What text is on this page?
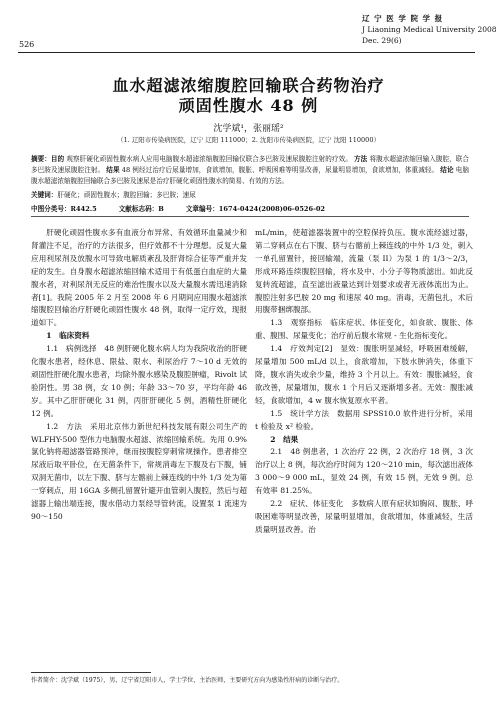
526
辽 宁 医 学 院 学 报
J Liaoning Medical University 2008 Dec. 29(6)
血水超滤浓缩腹腔回输联合药物治疗
顽固性腹水 48 例
沈学斌¹，张丽瑶²
（1. 辽阳市传染病医院，辽宁 辽阳 111000；2. 沈阳市传染病医院，辽宁 沈阳 110000）
摘要：目的 观察肝硬化顽固性腹水病人应用电脑腹水超滤浓缩腹腔回输仪联合多巴胺及速尿腹腔注射的疗效。 方法 将腹水超滤浓缩回输入腹腔，联合多巴胺及速尿腹腔注射。 结果 48 例经过治疗后尿量增加，食欲增加，腹胀、呼吸困难等明显改善，尿量明显增加，食欲增加，体重减轻。 结论 电脑腹水超滤浓缩腹腔回输联合多巴胺及速尿是治疗肝硬化顽固性腹水的简易、有效的方法。
关键词：肝硬化；顽固性腹水；腹腔回输；多巴胺；速尿
中图分类号：R442.5	文献标志码：B	文章编号：1674-0424(2008)06-0526-02

肝硬化顽固性腹水多有血液分布异常、有效循环血量减少和肾灌注不足，治疗的方法很多，但疗效都不十分理想。反复大量应用利尿剂及放腹水可导致电解质紊乱及肝肾综合征等严重并发症的发生。自身腹水超滤浓缩回输术适用于有低蛋白血症的大量腹水者，对利尿剂无反应的难治性腹水以及大量腹水需迅速消除者[1]。我院 2005 年 2 月至 2008 年 6 月期间应用腹水超滤浓缩腹腔回输治疗肝硬化顽固性腹水 48 例，取得一定疗效，现报道如下。

1　临床资料

1.1　病例选择　48 例肝硬化腹水病人均为我院收治的肝硬化腹水患者，经休息、限盐、限水、利尿治疗 7～10 d 无效的顽固性肝硬化腹水患者，均除外腹水感染及腹腔肿瘤，Rivolt 试验阴性。男 38 例，女 10 例；年龄 33～70 岁，平均年龄 46 岁。其中乙肝肝硬化 31 例，丙肝肝硬化 5 例，酒精性肝硬化 12 例。

1.2　方法　采用北京伟力新世纪科技发展有限公司生产的 WLFHY-500 型伟力电脑腹水超滤、浓缩回输系统。先用 0.9% 氯化钠将超滤器管路预冲，继而按腹腔穿刺常规操作。患者排空尿液后取平卧位，在无菌条件下，常规消毒左下腹及右下腹，铺双洞无菌巾，以左下腹、脐与左髂前上棘连线的中外 1/3 处为第一穿刺点，用 16GA 多侧孔留置针避开血管刺入腹腔，然后与超滤器上输出端连接，腹水借动力泵经导管转流，设置泵 1 流速为 90～150

mL/min，使超滤器装置中的空腔保持负压。腹水流经滤过器，第二穿刺点在右下腹、脐与右髂前上棘连线的中外 1/3 处，刺入一单孔留置针，接回输端，流量（泵 II）为泵 1 的 1/3～2/3，形成环路连续腹腔回输，将水及中、小分子等物质滤出。如此反复转流超滤，直至滤出液量达到计划要求或者无液体流出为止。腹腔注射多巴胺 20 mg 和速尿 40 mg。消毒，无菌包扎，术后用腹带捆绑腹部。

1.3　观察指标　临床症状、体征变化，如食欲、腹胀、体重、腹围、尿量变化；治疗前后腹水常规 - 生化指标变化。

1.4　疗效判定[2]　显效：腹胀明显减轻，呼吸困难缓解，尿量增加 500 mL/d 以上，食欲增加，下肢水肿消失，体重下降，腹水消失或余少量，维持 3 个月以上。有效：腹胀减轻，食欲改善，尿量增加，腹水 1 个月后又逐渐增多者。无效：腹胀减轻，食欲增加，4 w 腹水恢复原水平者。

1.5　统计学方法　数据用 SPSS10.0 软件进行分析，采用 t 检验及 x² 检验。

2　结果

2.1　48 例患者，1 次治疗 22 例，2 次治疗 18 例，3 次治疗以上 8 例，每次治疗时间为 120～210 min，每次滤出液体 3 000～9 000 mL，显效 24 例，有效 15 例，无效 9 例。总有效率 81.25%。

2.2　症状、体征变化　多数病人原有症状如胸闷、腹胀、呼吸困难等明显改善，尿量明显增加，食欲增加，体重减轻，生活质量明显改善。治

作者简介：沈学斌（1975），男，辽宁省辽阳市人，学士学位，主治医师，主要研究方向为感染性肝病的诊断与治疗。
